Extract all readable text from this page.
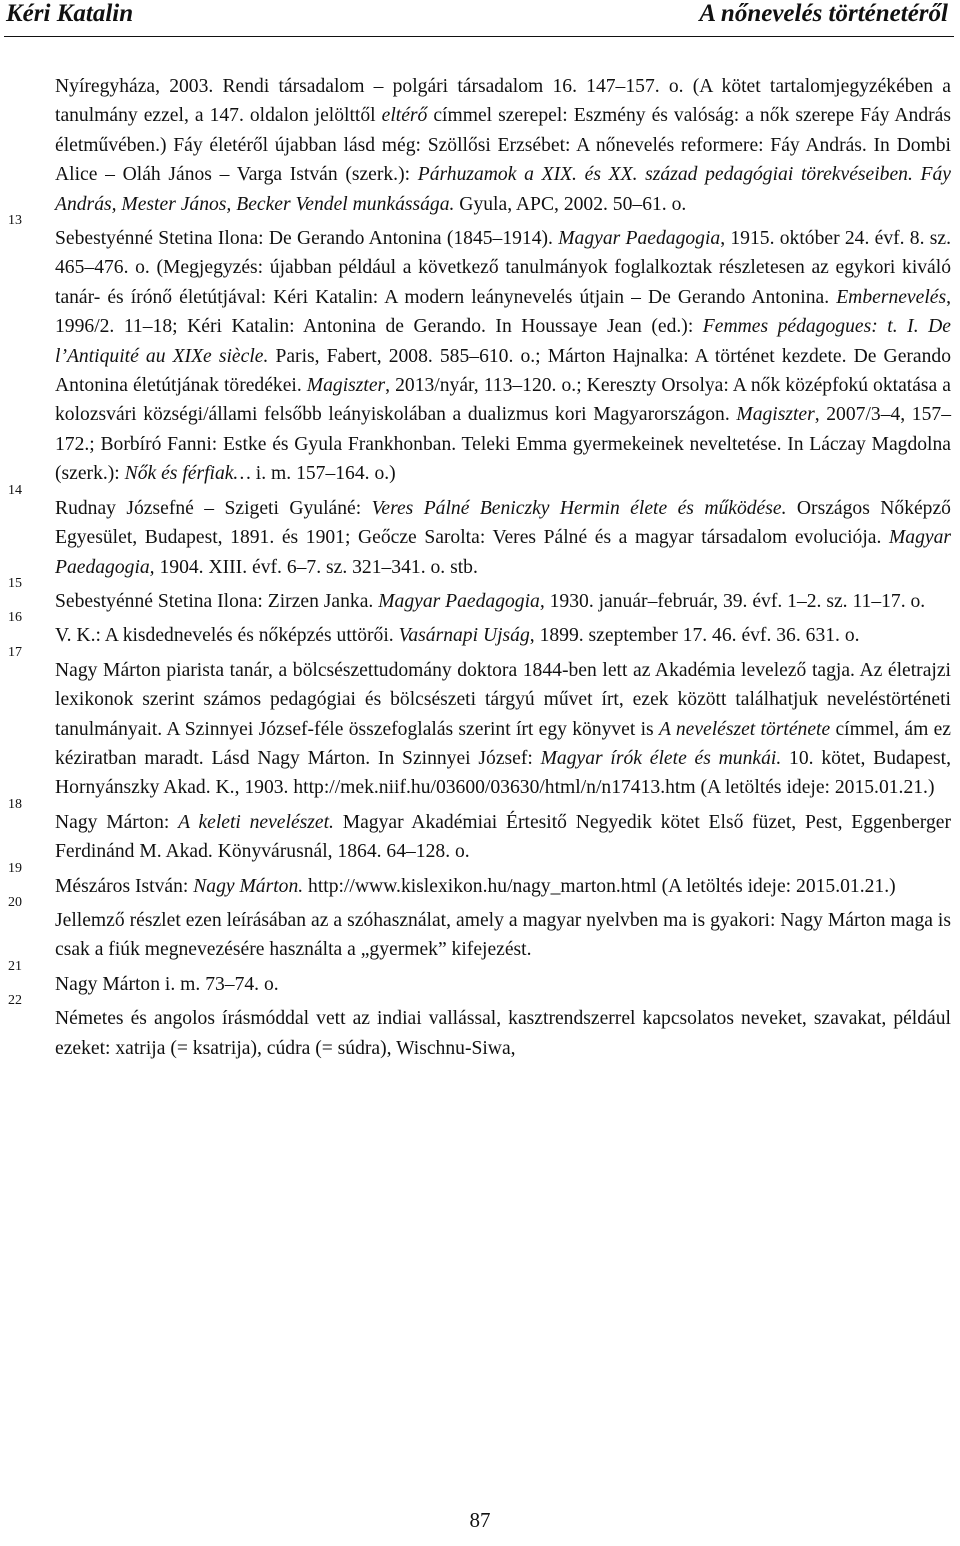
Kéri Katalin	A nőnevelés történetéről
Nyíregyháza, 2003. Rendi társadalom – polgári társadalom 16. 147–157. o. (A kötet tartalomjegyzékében a tanulmány ezzel, a 147. oldalon jelölttől eltérő címmel szerepel: Eszmény és valóság: a nők szerepe Fáy András életművében.) Fáy életéről újabban lásd még: Szöllősi Erzsébet: A nőnevelés reformere: Fáy András. In Dombi Alice – Oláh János – Varga István (szerk.): Párhuzamok a XIX. és XX. század pedagógiai törekvéseiben. Fáy András, Mester János, Becker Vendel munkássága. Gyula, APC, 2002. 50–61. o.
13
Sebestyénné Stetina Ilona: De Gerando Antonina (1845–1914). Magyar Paedagogia, 1915. október 24. évf. 8. sz. 465–476. o. (Megjegyzés: újabban például a következő tanulmányok foglalkoztak részletesen az egykori kiváló tanár- és írónő életútjával: Kéri Katalin: A modern leánynevelés útjain – De Gerando Antonina. Embernevelés, 1996/2. 11–18; Kéri Katalin: Antonina de Gerando. In Houssaye Jean (ed.): Femmes pédagogues: t. I. De l’Antiquité au XIXe siècle. Paris, Fabert, 2008. 585–610. o.; Márton Hajnalka: A történet kezdete. De Gerando Antonina életútjának töredékei. Magiszter, 2013/nyár, 113–120. o.; Kereszty Orsolya: A nők középfokú oktatása a kolozsvári községi/állami felsőbb leányiskolában a dualizmus kori Magyarországon. Magiszter, 2007/3–4, 157–172.; Borbíró Fanni: Estke és Gyula Frankhonban. Teleki Emma gyermekeinek neveltetése. In Láczay Magdolna (szerk.): Nők és férfiak… i. m. 157–164. o.)
14
Rudnay Józsefné – Szigeti Gyuláné: Veres Pálné Beniczky Hermin élete és működése. Országos Nőképző Egyesület, Budapest, 1891. és 1901; Geőcze Sarolta: Veres Pálné és a magyar társadalom evoluciója. Magyar Paedagogia, 1904. XIII. évf. 6–7. sz. 321–341. o. stb.
15
Sebestyénné Stetina Ilona: Zirzen Janka. Magyar Paedagogia, 1930. január–február, 39. évf. 1–2. sz. 11–17. o.
16
V. K.: A kisdednevelés és nőképzés uttörői. Vasárnapi Ujság, 1899. szeptember 17. 46. évf. 36. 631. o.
17
Nagy Márton piarista tanár, a bölcsészettudomány doktora 1844-ben lett az Akadémia levelező tagja. Az életrajzi lexikonok szerint számos pedagógiai és bölcsészeti tárgyú művet írt, ezek között találhatjuk neveléstörténeti tanulmányait. A Szinnyei József-féle összefoglalás szerint írt egy könyvet is A nevelészet története címmel, ám ez kéziratban maradt. Lásd Nagy Márton. In Szinnyei József: Magyar írók élete és munkái. 10. kötet, Budapest, Hornyánszky Akad. K., 1903. http://mek.niif.hu/03600/03630/html/n/n17413.htm (A letöltés ideje: 2015.01.21.)
18
Nagy Márton: A keleti nevelészet. Magyar Akadémiai Értesitő Negyedik kötet Első füzet, Pest, Eggenberger Ferdinánd M. Akad. Könyvárusnál, 1864. 64–128. o.
19
Mészáros István: Nagy Márton. http://www.kislexikon.hu/nagy_marton.html (A letöltés ideje: 2015.01.21.)
20
Jellemző részlet ezen leírásában az a szóhasználat, amely a magyar nyelvben ma is gyakori: Nagy Márton maga is csak a fiúk megnevezésére használta a „gyermek” kifejezést.
21
Nagy Márton i. m. 73–74. o.
22
Németes és angolos írásmóddal vett az indiai vallással, kasztrendszerrel kapcsolatos neveket, szavakat, például ezeket: xatrija (= ksatrija), cúdra (= súdra), Wischnu-Siwa,
87
